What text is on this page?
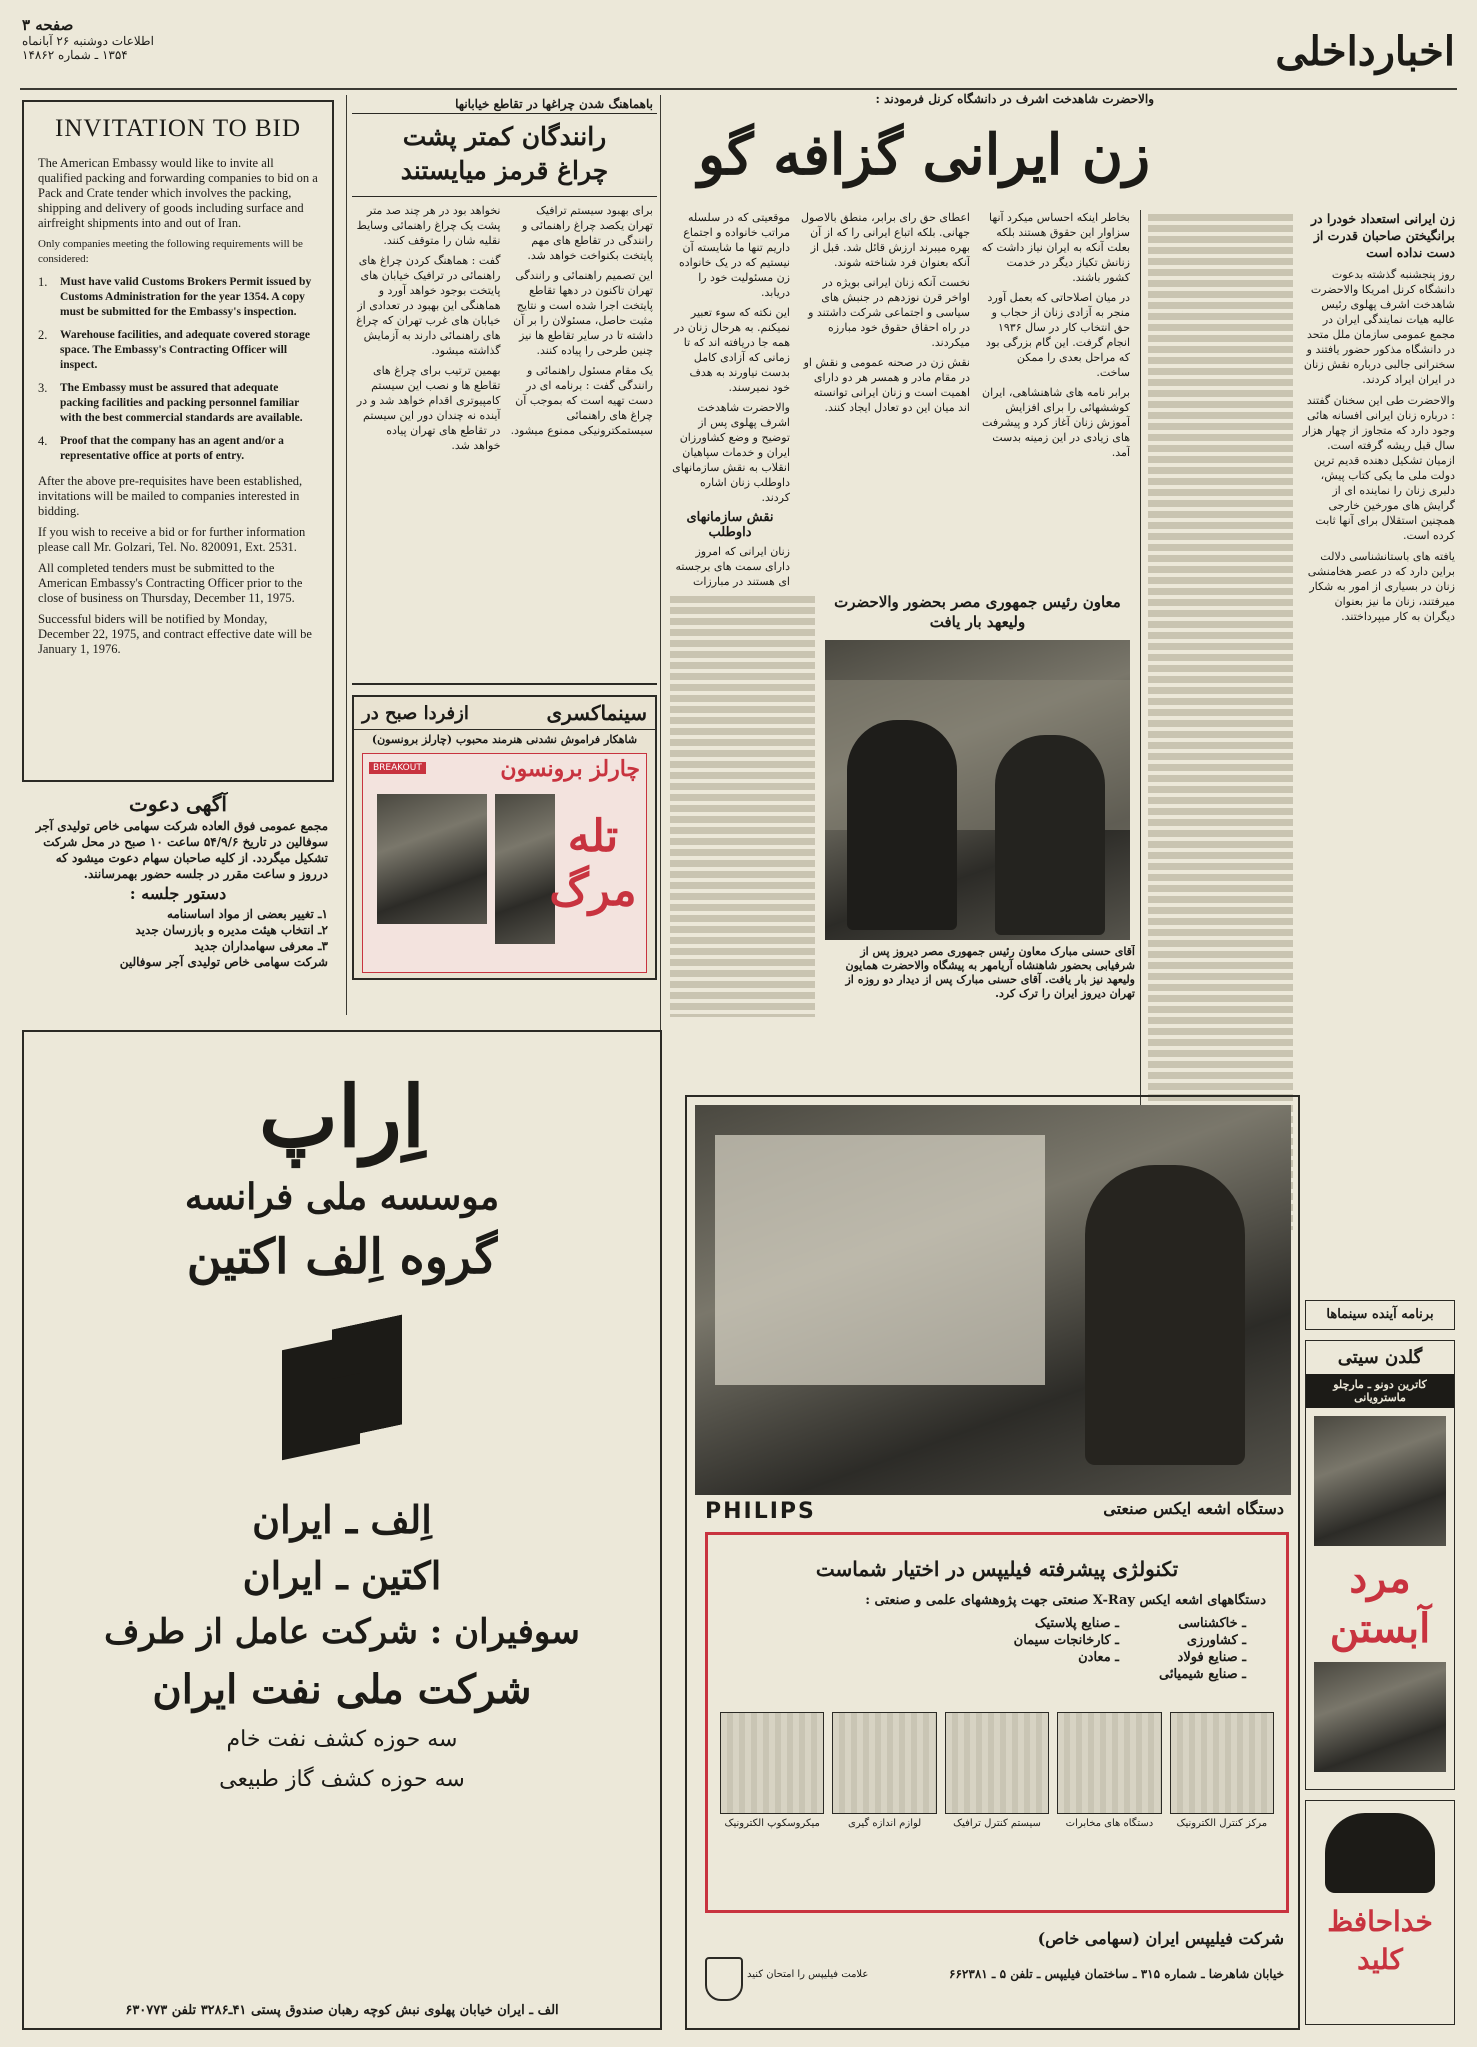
اخبارداخلی
صفحه ۳
اطلاعات دوشنبه ۲۶ آبانماه
۱۳۵۴ ـ شماره ۱۴۸۶۲
INVITATION TO BID

The American Embassy would like to invite all qualified packing and forwarding companies to bid on a Pack and Crate tender which involves the packing, shipping and delivery of goods including surface and airfreight shipments into and out of Iran.

Only companies meeting the following requirements will be considered:

1.	Must have valid Customs Brokers Permit issued by Customs Administration for the year 1354. A copy must be submitted for the Embassy's inspection.
2.	Warehouse facilities, and adequate covered storage space. The Embassy's Contracting Officer will inspect.
3.	The Embassy must be assured that adequate packing facilities and packing personnel familiar with the best commercial standards are available.
4.	Proof that the company has an agent and/or a representative office at ports of entry.

After the above pre-requisites have been established, invitations will be mailed to companies interested in bidding.

If you wish to receive a bid or for further information please call Mr. Golzari, Tel. No. 820091, Ext. 2531.

All completed tenders must be submitted to the American Embassy's Contracting Officer prior to the close of business on Thursday, December 11, 1975.

Successful biders will be notified by Monday, December 22, 1975, and contract effective date will be January 1, 1976.

آگهی دعوت
مجمع عمومی فوق العاده شرکت سهامی خاص تولیدی آجر سوفالین در تاریخ ۵۴/۹/۶ ساعت ۱۰ صبح در محل شرکت تشکیل میگردد. از کلیه صاحبان سهام دعوت میشود که درروز و ساعت مقرر در جلسه حضور بهمرسانند.
دستور جلسه :
۱ـ تغییر بعضی از مواد اساسنامه
۲ـ انتخاب هیئت مدیره و بازرسان جدید
۳ـ معرفی سهامداران جدید
شرکت سهامی خاص تولیدی آجر سوفالین
باهماهنگ شدن چراغها در تقاطع خیابانها
رانندگان کمتر پشت
چراغ قرمز میایستند

برای بهبود سیستم ترافیک تهران یکصد چراغ راهنمائی و رانندگی در تقاطع های مهم پایتخت بکنواخت خواهد شد.

این تصمیم راهنمائی و رانندگی تهران تاکنون در دهها تقاطع پایتخت اجرا شده است و نتایج مثبت حاصل، مسئولان را بر آن داشته تا در سایر تقاطع ها نیز چنین طرحی را پیاده کنند.

یک مقام مسئول راهنمائی و رانندگی گفت : برنامه ای در دست تهیه است که بموجب آن چراغ های راهنمائی سیستمکترونیکی ممنوع میشود.

نخواهد بود در هر چند صد متر پشت یک چراغ راهنمائی وسایط نقلیه شان را متوقف کنند.

گفت : هماهنگ کردن چراغ های راهنمائی در ترافیک خیابان های پایتخت بوجود خواهد آورد و هماهنگی این بهبود در تعدادی از خیابان های غرب تهران که چراغ های راهنمائی دارند به آزمایش گذاشته میشود.

بهمین ترتیب برای چراغ های تقاطع ها و نصب این سیستم کامپیوتری اقدام خواهد شد و در آینده نه چندان دور این سیستم در تقاطع های تهران پیاده خواهد شد.

ازفردا صبح در	سینماکسری
شاهکار فراموش نشدنی هنرمند محبوب (چارلز برونسون)
چارلز برونسون
BREAKOUT
تله مرگ
والاحضرت شاهدخت اشرف در دانشگاه کرنل فرمودند :
زن ایرانی گزافه گو

موقعیتی که در سلسله مراتب خانواده و اجتماع داریم تنها ما شایسته آن نیستیم که در یک خانواده زن مسئولیت خود را دریابد.

این نکته که سوء تعبیر نمیکنم. به هرحال زنان در همه جا دریافته اند که تا زمانی که آزادی کامل بدست نیاورند به هدف خود نمیرسند.

والاحضرت شاهدخت اشرف پهلوی پس از توضیح و وضع کشاورزان ایران و خدمات سپاهیان انقلاب به نقش سازمانهای داوطلب زنان اشاره کردند.

نقش سازمانهای داوطلب

زنان ایرانی که امروز دارای سمت های برجسته ای هستند در مبارزات

اعطای حق رای برابر، منطق بالاصول جهانی. بلکه اتباع ایرانی را که از آن بهره میبرند ارزش قائل شد. قبل از آنکه بعنوان فرد شناخته شوند.

نخست آنکه زنان ایرانی بویژه در اواخر قرن نوزدهم در جنبش های سیاسی و اجتماعی شرکت داشتند و در راه احقاق حقوق خود مبارزه میکردند.

نقش زن در صحنه عمومی و نقش او در مقام مادر و همسر هر دو دارای اهمیت است و زنان ایرانی توانسته اند میان این دو تعادل ایجاد کنند.

بخاطر اینکه احساس میکرد آنها سزاوار این حقوق هستند بلکه بعلت آنکه به ایران نیاز داشت که زنانش تکیاز دیگر در خدمت کشور باشند.

در میان اصلاحاتی که بعمل آورد منجر به آزادی زنان از حجاب و حق انتخاب کار در سال ۱۹۳۶ انجام گرفت. این گام بزرگی بود که مراحل بعدی را ممکن ساخت.

برابر نامه های شاهنشاهی، ایران کوششهائی را برای افزایش آموزش زنان آغاز کرد و پیشرفت های زیادی در این زمینه بدست آمد.

زن ایرانی استعداد خودرا در برانگیختن صاحبان قدرت از دست نداده است

روز پنجشنبه گذشته بدعوت دانشگاه کرنل امریکا والاحضرت شاهدخت اشرف پهلوی رئیس عالیه هیات نمایندگی ایران در مجمع عمومی سازمان ملل متحد در دانشگاه مذکور حضور یافتند و سخنرانی جالبی درباره نقش زنان در ایران ایراد کردند.

والاحضرت طی این سخنان گفتند : درباره زنان ایرانی افسانه هائی وجود دارد که متجاوز از چهار هزار سال قبل ریشه گرفته است. ازمیان تشکیل دهنده قدیم ترین دولت ملی ما یکی کتاب پیش، دلبری زنان را نماینده ای از گرایش های مورخین خارجی همچنین استقلال برای آنها ثابت کرده است.

یافته های باستانشناسی دلالت براین دارد که در عصر هخامنشی زنان در بسیاری از امور به شکار میرفتند، زنان ما نیز بعنوان دیگران به کار میپرداختند.

معاون رئیس جمهوری مصر بحضور والاحضرت ولیعهد بار یافت
آقای حسنی مبارک معاون رئیس جمهوری مصر دیروز پس از شرفیابی بحضور شاهنشاه آریامهر به پیشگاه والاحضرت همایون ولیعهد نیز بار یافت. آقای حسنی مبارک پس از دیدار دو روزه از تهران دیروز ایران را ترک کرد.
اِراپ
موسسه ملی فرانسه
گروه اِلف اکتین
اِلف ـ ایران
اکتین ـ ایران
سوفیران : شرکت عامل از طرف
شرکت ملی نفت ایران
سه حوزه کشف نفت خام
سه حوزه کشف گاز طبیعی
الف ـ ایران خیابان پهلوی نبش کوچه رهبان صندوق پستی ۴۱ـ۳۲۸۶ تلفن ۶۳۰۷۷۳
دستگاه اشعه ایکس صنعتی
PHILIPS
تکنولژی پیشرفته فیلیپس در اختیار شماست
دستگاههای اشعه ایکس X-Ray صنعتی جهت پژوهشهای علمی و صنعتی :
ـ خاکشناسی
ـ کشاورزی
ـ صنایع فولاد
ـ صنایع شیمیائی
ـ صنایع پلاستیک
ـ کارخانجات سیمان
ـ معادن
میکروسکوپ الکترونیک	لوازم اندازه گیری	سیستم کنترل ترافیک	دستگاه های مخابرات	مرکز کنترل الکترونیک
شرکت فیلیپس ایران (سهامی خاص)
خیابان شاهرضا ـ شماره ۳۱۵ ـ ساختمان فیلیپس ـ تلفن ۵ ـ ۶۶۲۳۸۱
علامت فیلیپس را امتحان کنید
برنامه آینده سینماها
گلدن سیتی
کاترین دونو ـ مارچلو ماسترویانی
مرد آبستن
خداحافظ کلید
